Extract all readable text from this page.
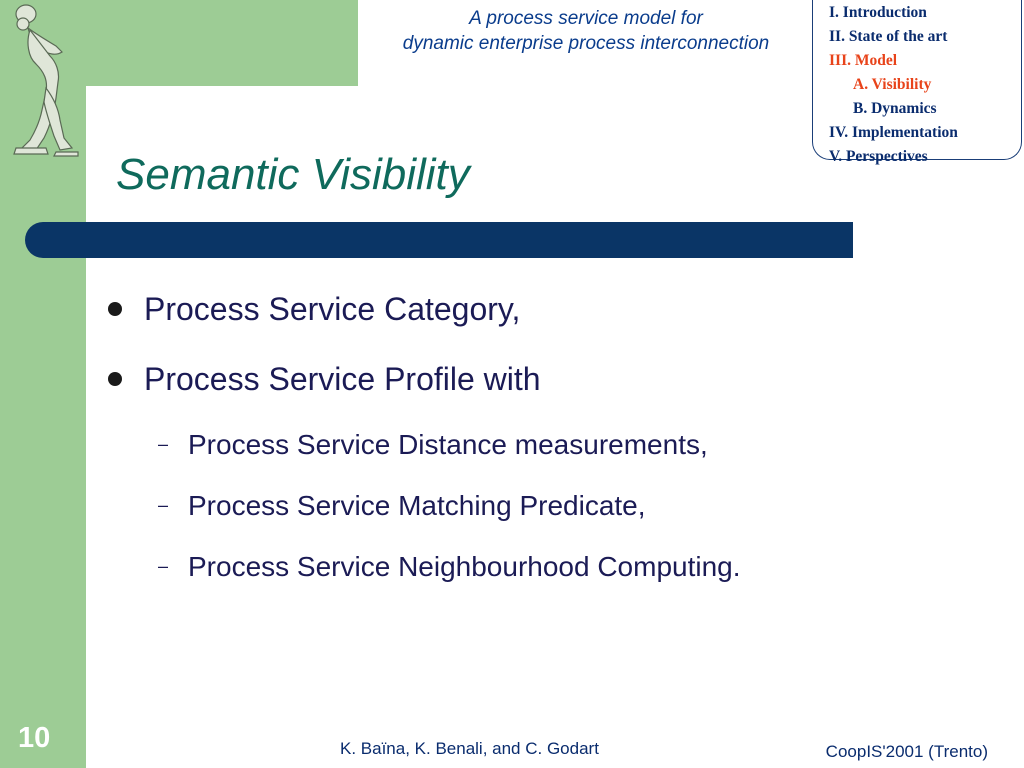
A process service model for
dynamic enterprise process interconnection
I. Introduction
II. State of the art
III. Model
A. Visibility
B. Dynamics
IV. Implementation
V. Perspectives
Semantic Visibility
Process Service Category,
Process Service Profile with
– Process Service Distance measurements,
– Process Service Matching Predicate,
– Process Service Neighbourhood Computing.
10	K. Baïna, K. Benali, and C. Godart	CoopIS'2001 (Trento)
